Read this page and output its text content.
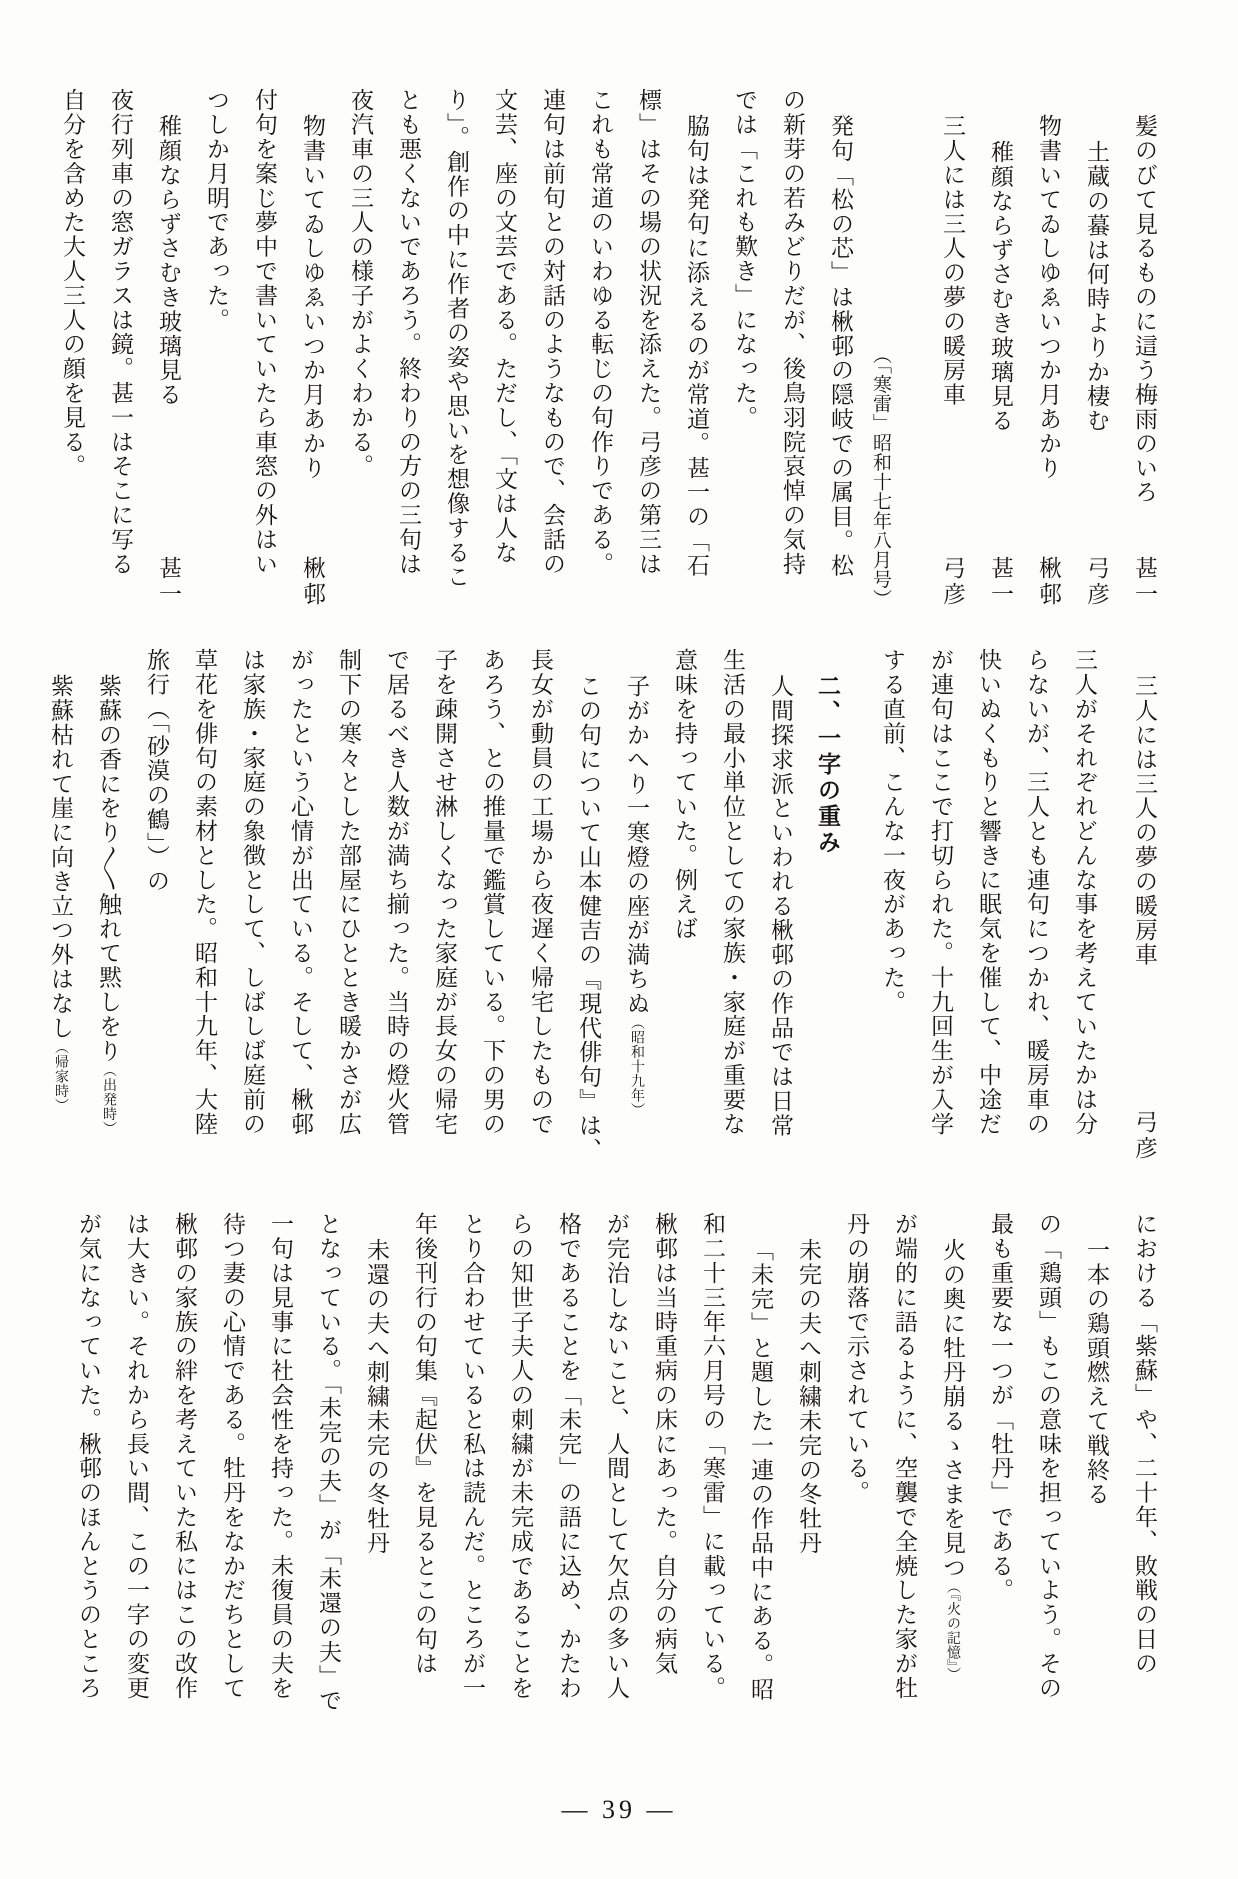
髪のびて見るものに這う梅雨のいろ
甚一
土蔵の蟇は何時よりか棲む
弓彦
物書いてゐしゆゑいつか月あかり
楸邨
稚顔ならずさむき玻璃見る
甚一
三人には三人の夢の暖房車
弓彦
（「寒雷」昭和十七年八月号）
発句「松の芯」は楸邨の隠岐での属目。松
の新芽の若みどりだが、後鳥羽院哀悼の気持
では「これも歎き」になった。
脇句は発句に添えるのが常道。甚一の「石
標」はその場の状況を添えた。弓彦の第三は
これも常道のいわゆる転じの句作りである。
連句は前句との対話のようなもので、会話の
文芸、座の文芸である。ただし、「文は人な
り」。創作の中に作者の姿や思いを想像するこ
とも悪くないであろう。終わりの方の三句は
夜汽車の三人の様子がよくわかる。
物書いてゐしゆゑいつか月あかり
楸邨
付句を案じ夢中で書いていたら車窓の外はい
つしか月明であった。
稚顔ならずさむき玻璃見る
甚一
夜行列車の窓ガラスは鏡。甚一はそこに写る
自分を含めた大人三人の顔を見る。
三人には三人の夢の暖房車
弓彦
三人がそれぞれどんな事を考えていたかは分
らないが、三人とも連句につかれ、暖房車の
快いぬくもりと響きに眠気を催して、中途だ
が連句はここで打切られた。十九回生が入学
する直前、こんな一夜があった。
二、一字の重み
人間探求派といわれる楸邨の作品では日常
生活の最小単位としての家族・家庭が重要な
意味を持っていた。例えば
子がかへり一寒燈の座が満ちぬ（昭和十九年）
この句について山本健吉の『現代俳句』は、
長女が動員の工場から夜遅く帰宅したもので
あろう、との推量で鑑賞している。下の男の
子を疎開させ淋しくなった家庭が長女の帰宅
で居るべき人数が満ち揃った。当時の燈火管
制下の寒々とした部屋にひととき暖かさが広
がったという心情が出ている。そして、楸邨
は家族・家庭の象徴として、しばしば庭前の
草花を俳句の素材とした。昭和十九年、大陸
旅行（「砂漠の鶴」）の
紫蘇の香にをり〳〵触れて黙しをり（出発時）
紫蘇枯れて崖に向き立つ外はなし（帰家時）
における「紫蘇」や、二十年、敗戦の日の
一本の鶏頭燃えて戦終る
の「鶏頭」もこの意味を担っていよう。その
最も重要な一つが「牡丹」である。
火の奥に牡丹崩るゝさまを見つ（『火の記憶』）
が端的に語るように、空襲で全焼した家が牡
丹の崩落で示されている。
未完の夫へ刺繍未完の冬牡丹
「未完」と題した一連の作品中にある。昭
和二十三年六月号の「寒雷」に載っている。
楸邨は当時重病の床にあった。自分の病気
が完治しないこと、人間として欠点の多い人
格であることを「未完」の語に込め、かたわ
らの知世子夫人の刺繍が未完成であることを
とり合わせていると私は読んだ。ところが一
年後刊行の句集『起伏』を見るとこの句は
未還の夫へ刺繍未完の冬牡丹
となっている。「未完の夫」が「未還の夫」で
一句は見事に社会性を持った。未復員の夫を
待つ妻の心情である。牡丹をなかだちとして
楸邨の家族の絆を考えていた私にはこの改作
は大きい。それから長い間、この一字の変更
が気になっていた。楸邨のほんとうのところ
― 39 ―
